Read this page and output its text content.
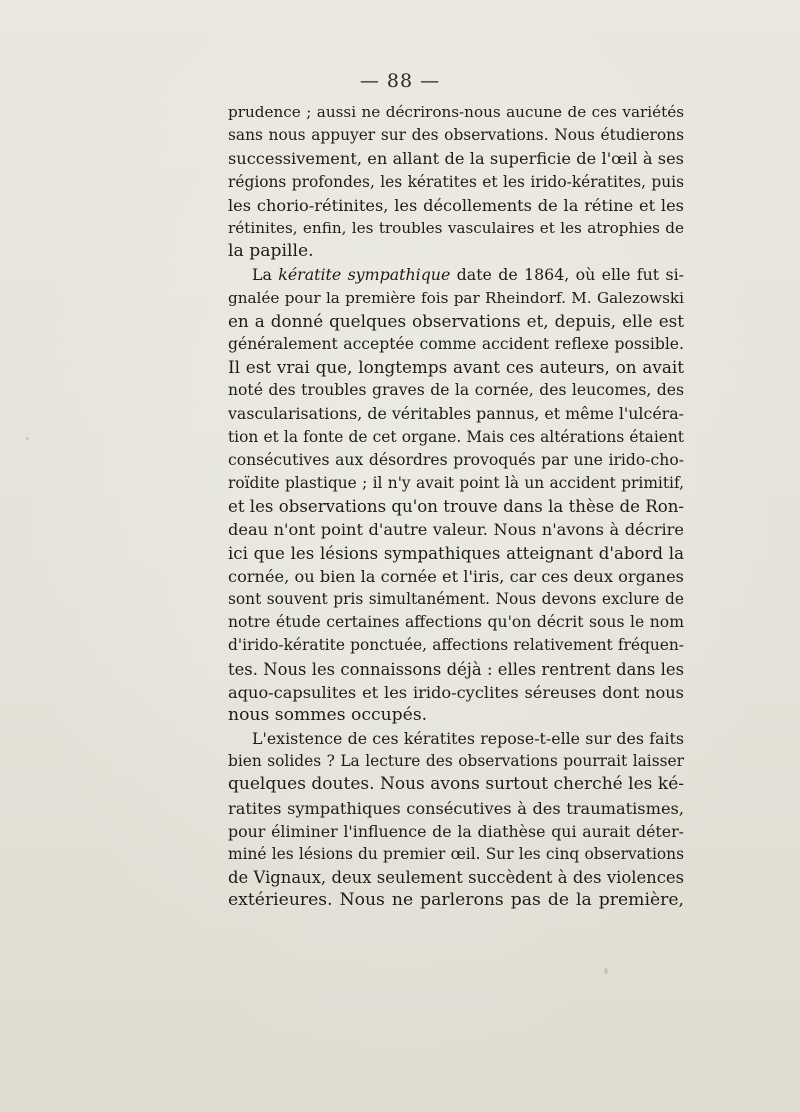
— 88 —
prudence ; aussi ne décrirons-nous aucune de ces variétés
sans nous appuyer sur des observations. Nous étudierons
successivement, en allant de la superficie de l'œil à ses
régions profondes, les kératites et les irido-kératites, puis
les chorio-rétinites, les décollements de la rétine et les
rétinites, enfin, les troubles vasculaires et les atrophies de
la papille.
La kératite sympathique date de 1864, où elle fut si-
gnalée pour la première fois par Rheindorf. M. Galezowski
en a donné quelques observations et, depuis, elle est
généralement acceptée comme accident reflexe possible.
Il est vrai que, longtemps avant ces auteurs, on avait
noté des troubles graves de la cornée, des leucomes, des
vascularisations, de véritables pannus, et même l'ulcéra-
tion et la fonte de cet organe. Mais ces altérations étaient
consécutives aux désordres provoqués par une irido-cho-
roïdite plastique ; il n'y avait point là un accident primitif,
et les observations qu'on trouve dans la thèse de Ron-
deau n'ont point d'autre valeur. Nous n'avons à décrire
ici que les lésions sympathiques atteignant d'abord la
cornée, ou bien la cornée et l'iris, car ces deux organes
sont souvent pris simultanément. Nous devons exclure de
notre étude certaines affections qu'on décrit sous le nom
d'irido-kératite ponctuée, affections relativement fréquen-
tes. Nous les connaissons déjà : elles rentrent dans les
aquo-capsulites et les irido-cyclites séreuses dont nous
nous sommes occupés.
L'existence de ces kératites repose-t-elle sur des faits
bien solides ? La lecture des observations pourrait laisser
quelques doutes. Nous avons surtout cherché les ké-
ratites sympathiques consécutives à des traumatismes,
pour éliminer l'influence de la diathèse qui aurait déter-
miné les lésions du premier œil. Sur les cinq observations
de Vignaux, deux seulement succèdent à des violences
extérieures. Nous ne parlerons pas de la première,
